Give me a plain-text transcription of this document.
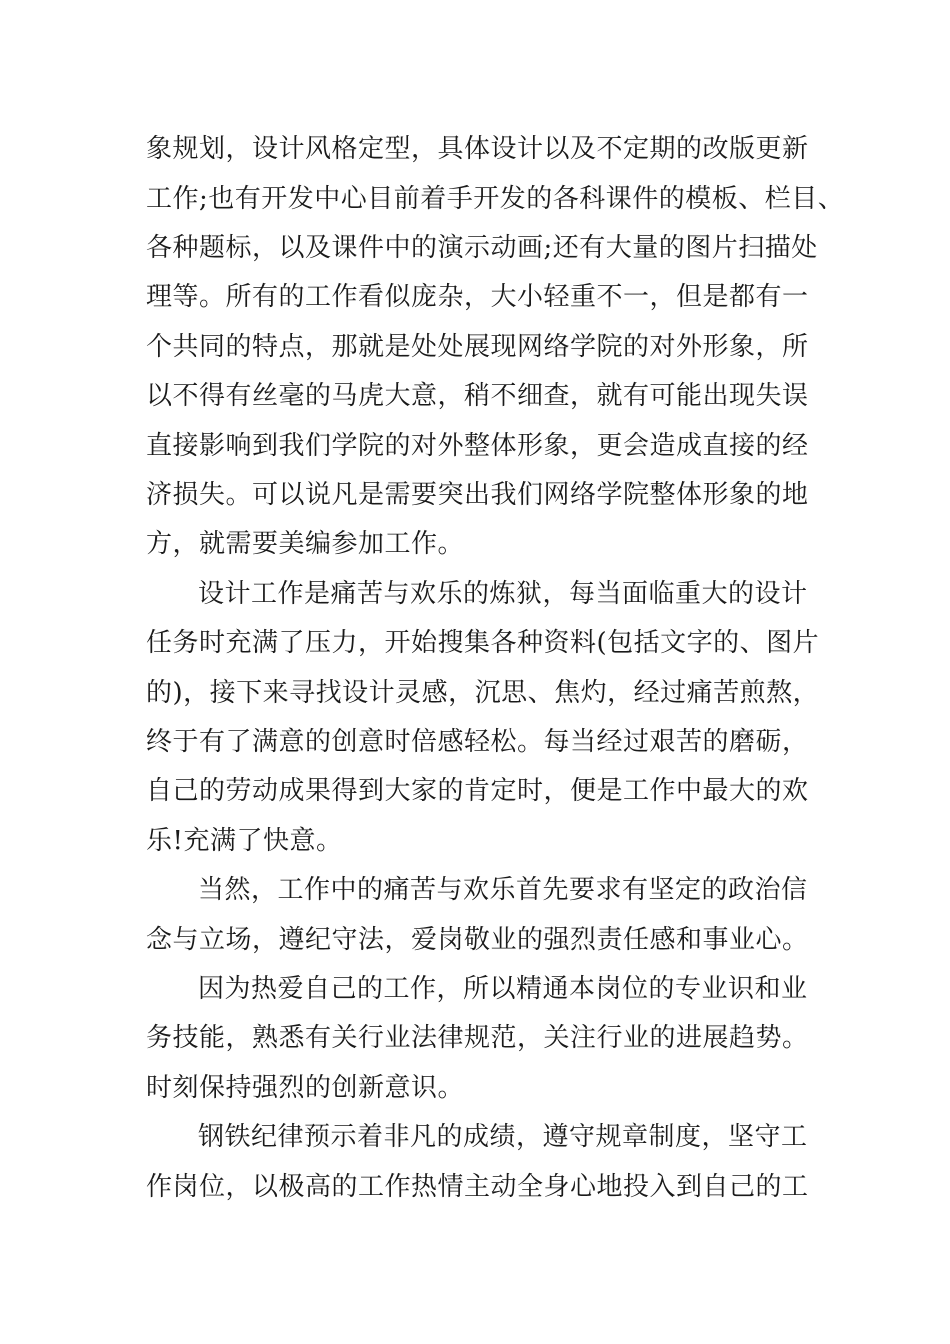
象规划，设计风格定型，具体设计以及不定期的改版更新
工作;也有开发中心目前着手开发的各科课件的模板、栏目、
各种题标，以及课件中的演示动画;还有大量的图片扫描处
理等。所有的工作看似庞杂，大小轻重不一，但是都有一
个共同的特点，那就是处处展现网络学院的对外形象，所
以不得有丝毫的马虎大意，稍不细查，就有可能出现失误
直接影响到我们学院的对外整体形象，更会造成直接的经
济损失。可以说凡是需要突出我们网络学院整体形象的地
方，就需要美编参加工作。
设计工作是痛苦与欢乐的炼狱，每当面临重大的设计
任务时充满了压力，开始搜集各种资料(包括文字的、图片
的)，接下来寻找设计灵感，沉思、焦灼，经过痛苦煎熬，
终于有了满意的创意时倍感轻松。每当经过艰苦的磨砺，
自己的劳动成果得到大家的肯定时，便是工作中最大的欢
乐!充满了快意。
当然，工作中的痛苦与欢乐首先要求有坚定的政治信
念与立场，遵纪守法，爱岗敬业的强烈责任感和事业心。
因为热爱自己的工作，所以精通本岗位的专业识和业
务技能，熟悉有关行业法律规范，关注行业的进展趋势。
时刻保持强烈的创新意识。
钢铁纪律预示着非凡的成绩，遵守规章制度，坚守工
作岗位，以极高的工作热情主动全身心地投入到自己的工
